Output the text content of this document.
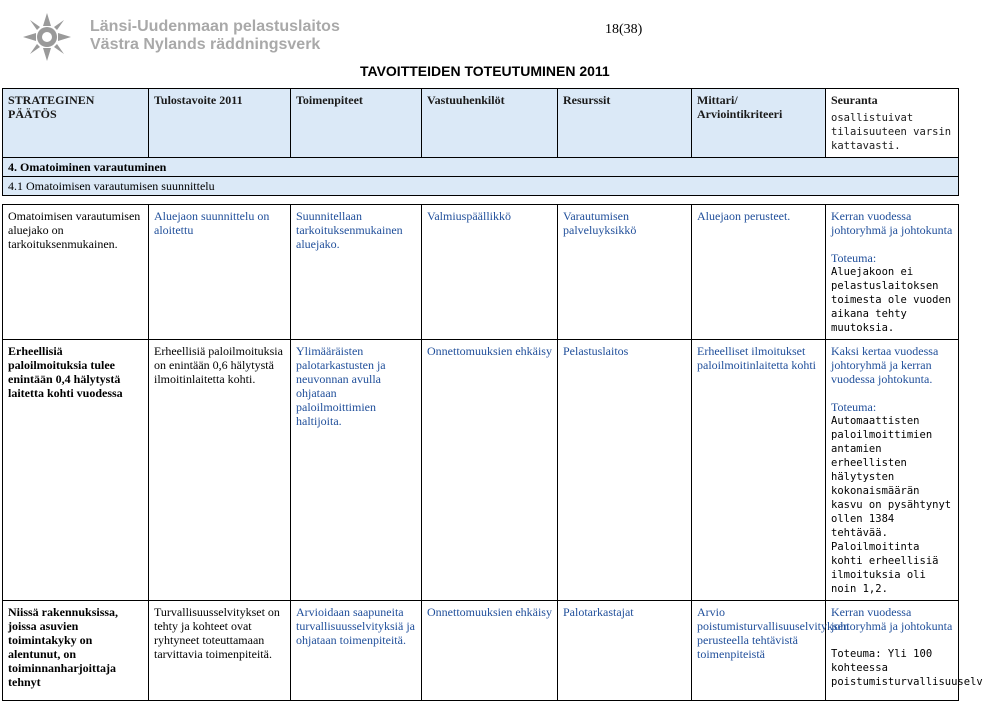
Länsi-Uudenmaan pelastuslaitos
Västra Nylands räddningsverk
18(38)
TAVOITTEIDEN TOTEUTUMINEN 2011
STRATEGINEN PÄÄTÖS	Tulostavoite 2011	Toimenpiteet	Vastuuhenkilöt	Resurssit	Mittari/ Arviointikriteeri	Seuranta
osallistuivat tilaisuuteen varsin kattavasti.

4. Omatoiminen varautuminen						
4.1 Omatoimisen varautumisen suunnittelu						

Omatoimisen varautumisen aluejako on tarkoituksenmukainen.	Aluejaon suunnittelu on aloitettu	Suunnitellaan tarkoituksenmukainen aluejako.	Valmiuspäällikkö	Varautumisen palveluyksikkö	Aluejaon perusteet.	Kerran vuodessa johtoryhmä ja johtokunta
Toteuma:
Aluejakoon ei pelastuslaitoksen toimesta ole vuoden aikana tehty muutoksia.

Erheellisiä paloilmoituksia tulee enintään 0,4 hälytystä laitetta kohti vuodessa	Erheellisiä paloilmoituksia on enintään 0,6 hälytystä ilmoitinlaitetta kohti.	Ylimääräisten palotarkastusten ja neuvonnan avulla ohjataan paloilmoittimien haltijoita.	Onnettomuuksien ehkäisy	Pelastuslaitos	Erheelliset ilmoitukset paloilmoitinlaitetta kohti	Kaksi kertaa vuodessa johtoryhmä ja kerran vuodessa johtokunta.
Toteuma:
Automaattisten paloilmoittimien antamien erheellisten hälytysten kokonaismäärän kasvu on pysähtynyt ollen 1384 tehtävää. Paloilmoitinta kohti erheellisiä ilmoituksia oli noin 1,2.

Niissä rakennuksissa, joissa asuvien toimintakyky on alentunut, on toiminnanharjoittaja tehnyt	Turvallisuusselvitykset on tehty ja kohteet ovat ryhtyneet toteuttamaan tarvittavia toimenpiteitä.	Arvioidaan saapuneita turvallisuusselvityksiä ja ohjataan toimenpiteitä.	Onnettomuuksien ehkäisy	Palotarkastajat	Arvio poistumisturvallisuuselvityksen perusteella tehtävistä toimenpiteistä	Kerran vuodessa johtoryhmä ja johtokunta
Toteuma: Yli 100 kohteessa poistumisturvallisuuselv
